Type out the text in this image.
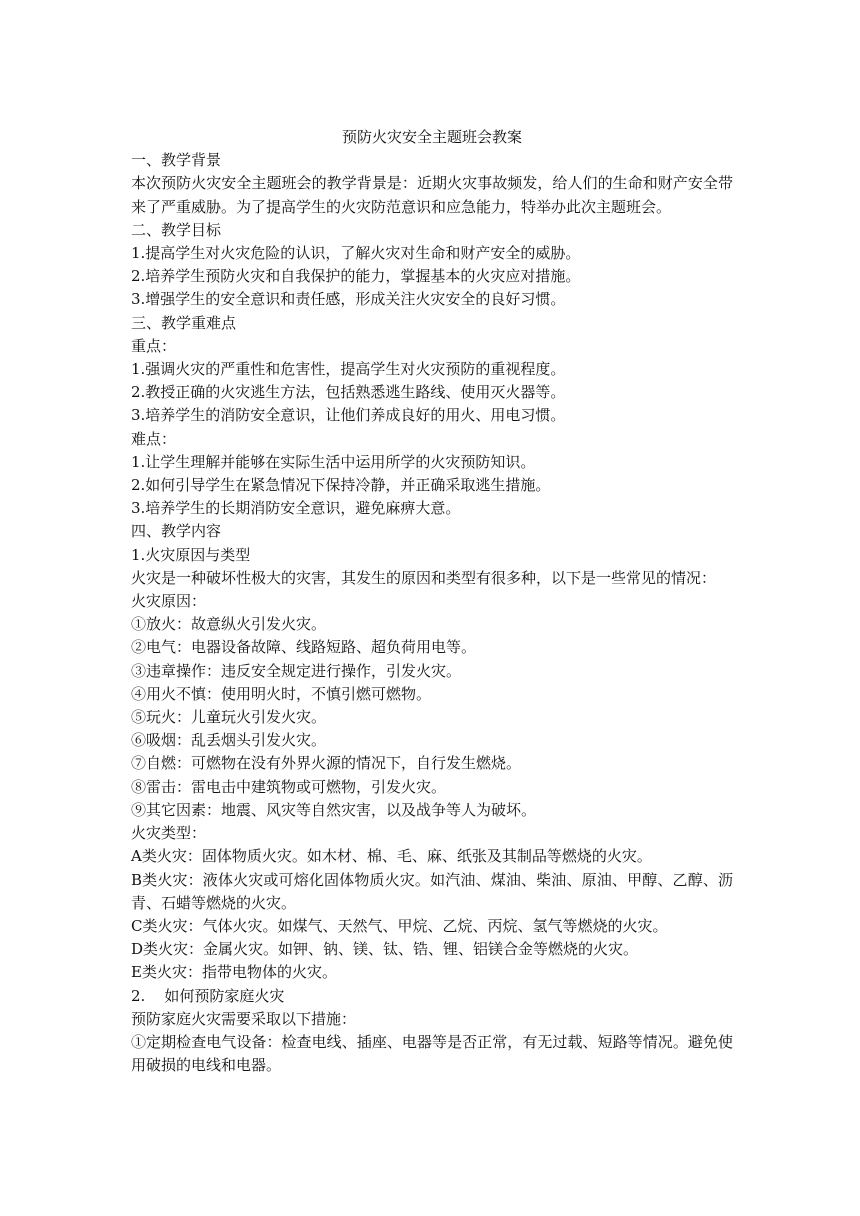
预防火灾安全主题班会教案
一、教学背景
本次预防火灾安全主题班会的教学背景是：近期火灾事故频发，给人们的生命和财产安全带来了严重威胁。为了提高学生的火灾防范意识和应急能力，特举办此次主题班会。
二、教学目标
1.提高学生对火灾危险的认识，了解火灾对生命和财产安全的威胁。
2.培养学生预防火灾和自我保护的能力，掌握基本的火灾应对措施。
3.增强学生的安全意识和责任感，形成关注火灾安全的良好习惯。
三、教学重难点
重点：
1.强调火灾的严重性和危害性，提高学生对火灾预防的重视程度。
2.教授正确的火灾逃生方法，包括熟悉逃生路线、使用灭火器等。
3.培养学生的消防安全意识，让他们养成良好的用火、用电习惯。
难点：
1.让学生理解并能够在实际生活中运用所学的火灾预防知识。
2.如何引导学生在紧急情况下保持冷静，并正确采取逃生措施。
3.培养学生的长期消防安全意识，避免麻痹大意。
四、教学内容
1.火灾原因与类型
火灾是一种破坏性极大的灾害，其发生的原因和类型有很多种，以下是一些常见的情况：
火灾原因：
①放火：故意纵火引发火灾。
②电气：电器设备故障、线路短路、超负荷用电等。
③违章操作：违反安全规定进行操作，引发火灾。
④用火不慎：使用明火时，不慎引燃可燃物。
⑤玩火：儿童玩火引发火灾。
⑥吸烟：乱丢烟头引发火灾。
⑦自燃：可燃物在没有外界火源的情况下，自行发生燃烧。
⑧雷击：雷电击中建筑物或可燃物，引发火灾。
⑨其它因素：地震、风灾等自然灾害，以及战争等人为破坏。
火灾类型：
A类火灾：固体物质火灾。如木材、棉、毛、麻、纸张及其制品等燃烧的火灾。
B类火灾：液体火灾或可熔化固体物质火灾。如汽油、煤油、柴油、原油、甲醇、乙醇、沥青、石蜡等燃烧的火灾。
C类火灾：气体火灾。如煤气、天然气、甲烷、乙烷、丙烷、氢气等燃烧的火灾。
D类火灾：金属火灾。如钾、钠、镁、钛、锆、锂、铝镁合金等燃烧的火灾。
E类火灾：指带电物体的火灾。
2.    如何预防家庭火灾
预防家庭火灾需要采取以下措施：
①定期检查电气设备：检查电线、插座、电器等是否正常，有无过载、短路等情况。避免使用破损的电线和电器。
